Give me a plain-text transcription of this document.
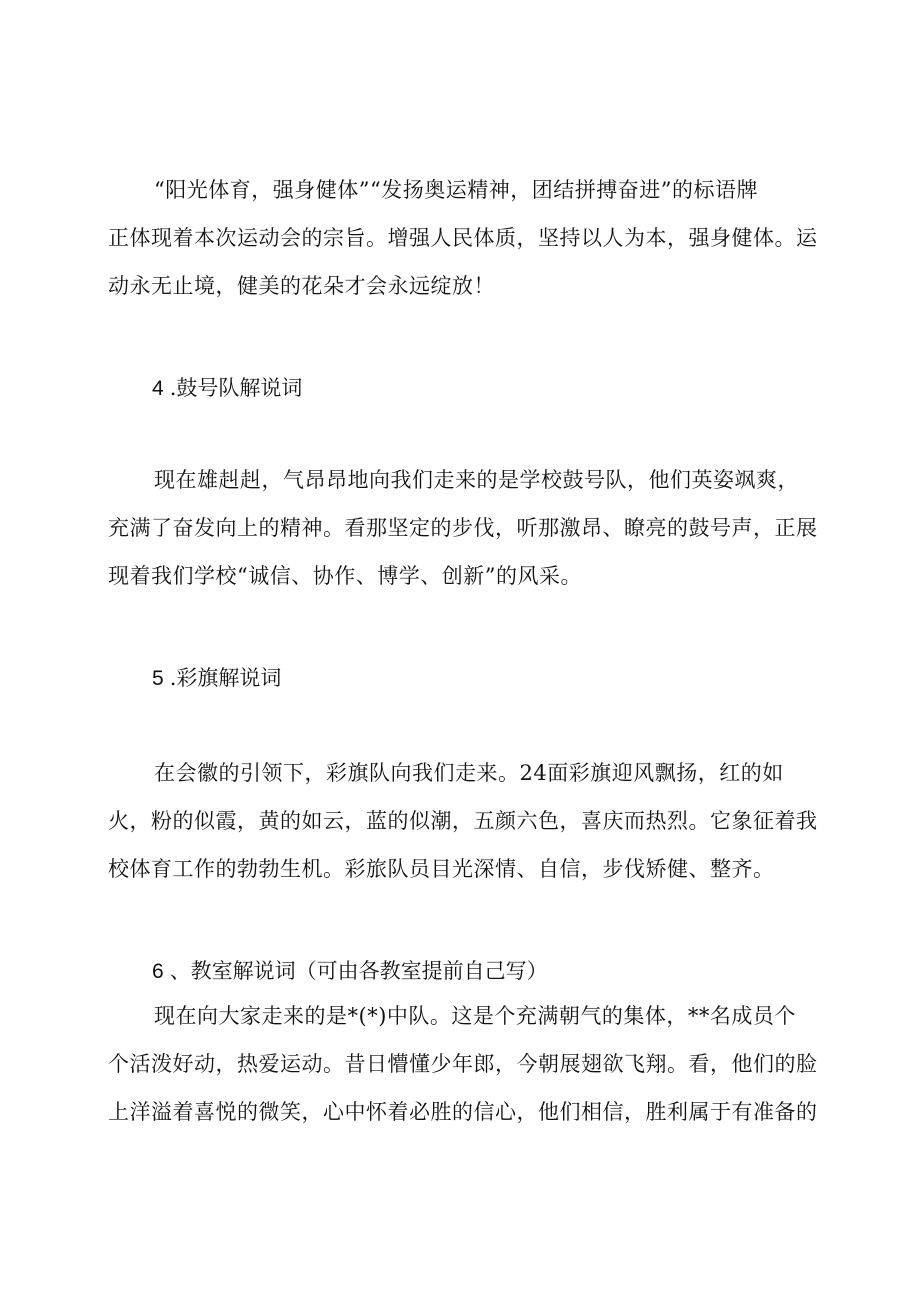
“阳光体育，强身健体”“发扬奥运精神，团结拼搏奋进”的标语牌
正体现着本次运动会的宗旨。增强人民体质，坚持以人为本，强身健体。运
动永无止境，健美的花朵才会永远绽放！
4 .鼓号队解说词
现在雄赳赳，气昂昂地向我们走来的是学校鼓号队，他们英姿飒爽，
充满了奋发向上的精神。看那坚定的步伐，听那激昂、瞭亮的鼓号声，正展
现着我们学校“诚信、协作、博学、创新”的风采。
5 .彩旗解说词
在会徽的引领下，彩旗队向我们走来。24面彩旗迎风飘扬，红的如
火，粉的似霞，黄的如云，蓝的似潮，五颜六色，喜庆而热烈。它象征着我
校体育工作的勃勃生机。彩旅队员目光深情、自信，步伐矫健、整齐。
6 、教室解说词（可由各教室提前自己写）
现在向大家走来的是*(*)中队。这是个充满朝气的集体，**名成员个
个活泼好动，热爱运动。昔日懵懂少年郎，今朝展翅欲飞翔。看，他们的脸
上洋溢着喜悦的微笑，心中怀着必胜的信心，他们相信，胜利属于有准备的
